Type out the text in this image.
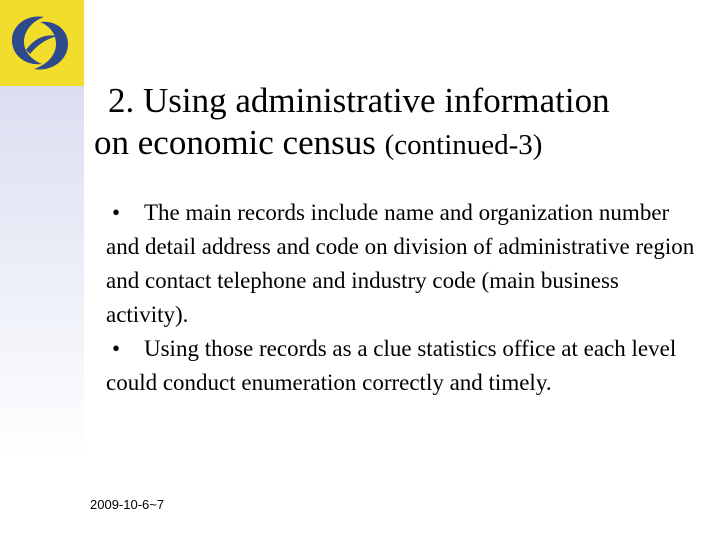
2. Using administrative information
on economic census (continued-3)

• The main records include name and organization number and detail address and code on division of administrative region and contact telephone and industry code (main business activity).

• Using those records as a clue statistics office at each level could conduct enumeration correctly and timely.

2009-10-6~7
